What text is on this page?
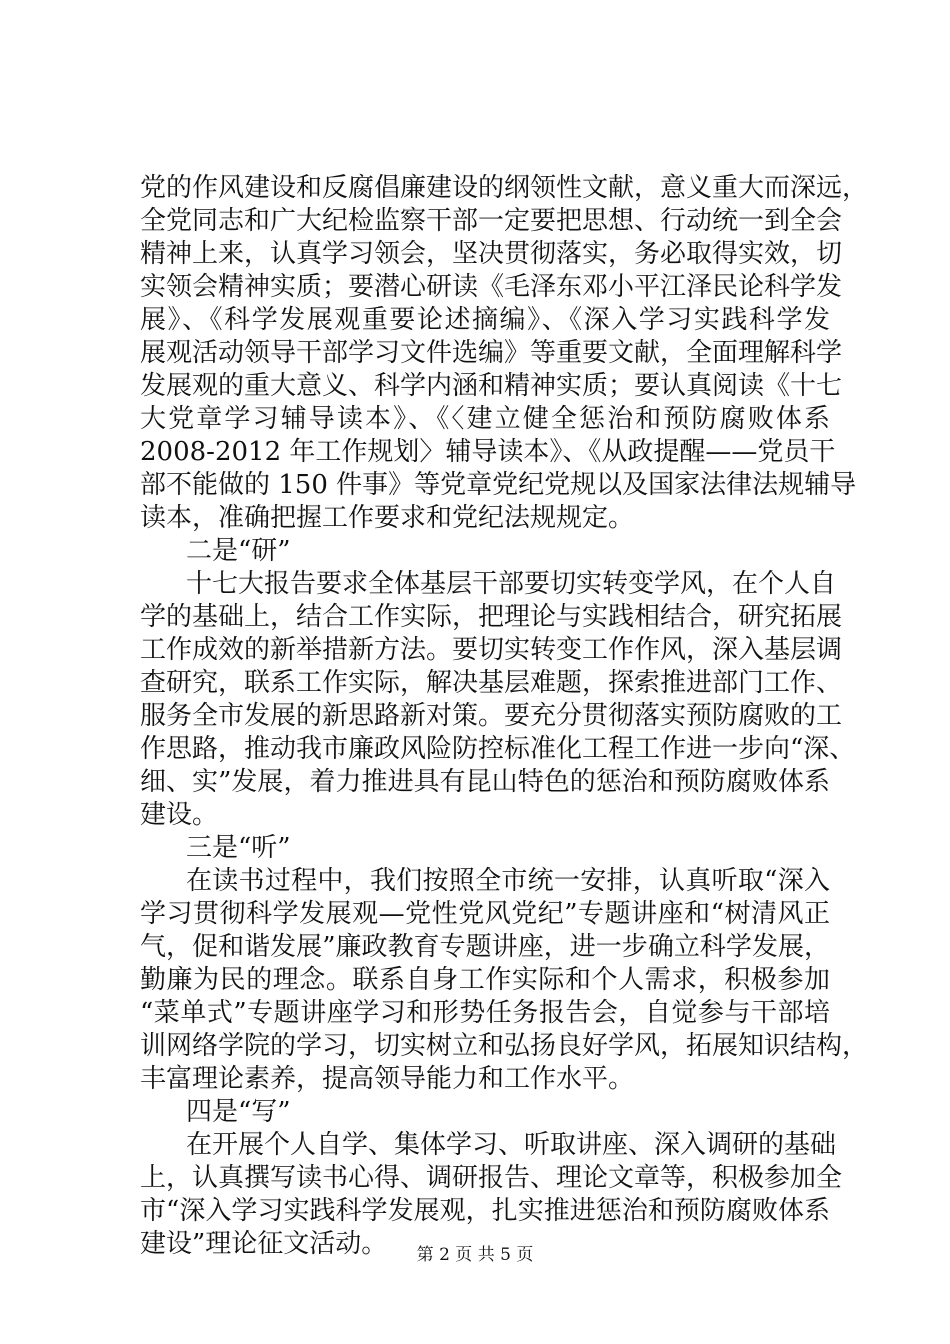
党的作风建设和反腐倡廉建设的纲领性文献，意义重大而深远，
全党同志和广大纪检监察干部一定要把思想、行动统一到全会
精神上来，认真学习领会，坚决贯彻落实，务必取得实效，切
实领会精神实质；要潜心研读《毛泽东邓小平江泽民论科学发
展》、《科学发展观重要论述摘编》、《深入学习实践科学发
展观活动领导干部学习文件选编》等重要文献，全面理解科学
发展观的重大意义、科学内涵和精神实质；要认真阅读《十七
大党章学习辅导读本》、《〈建立健全惩治和预防腐败体系
2008-2012 年工作规划〉辅导读本》、《从政提醒——党员干
部不能做的 150 件事》等党章党纪党规以及国家法律法规辅导
读本，准确把握工作要求和党纪法规规定。
二是“研”
十七大报告要求全体基层干部要切实转变学风，在个人自
学的基础上，结合工作实际，把理论与实践相结合，研究拓展
工作成效的新举措新方法。要切实转变工作作风，深入基层调
查研究，联系工作实际，解决基层难题，探索推进部门工作、
服务全市发展的新思路新对策。要充分贯彻落实预防腐败的工
作思路，推动我市廉政风险防控标准化工程工作进一步向“深、
细、实”发展，着力推进具有昆山特色的惩治和预防腐败体系
建设。
三是“听”
在读书过程中，我们按照全市统一安排，认真听取“深入
学习贯彻科学发展观—党性党风党纪”专题讲座和“树清风正
气，促和谐发展”廉政教育专题讲座，进一步确立科学发展，
勤廉为民的理念。联系自身工作实际和个人需求，积极参加
“菜单式”专题讲座学习和形势任务报告会，自觉参与干部培
训网络学院的学习，切实树立和弘扬良好学风，拓展知识结构，
丰富理论素养，提高领导能力和工作水平。
四是“写”
在开展个人自学、集体学习、听取讲座、深入调研的基础
上，认真撰写读书心得、调研报告、理论文章等，积极参加全
市“深入学习实践科学发展观，扎实推进惩治和预防腐败体系
建设”理论征文活动。	第 2 页 共 5 页
